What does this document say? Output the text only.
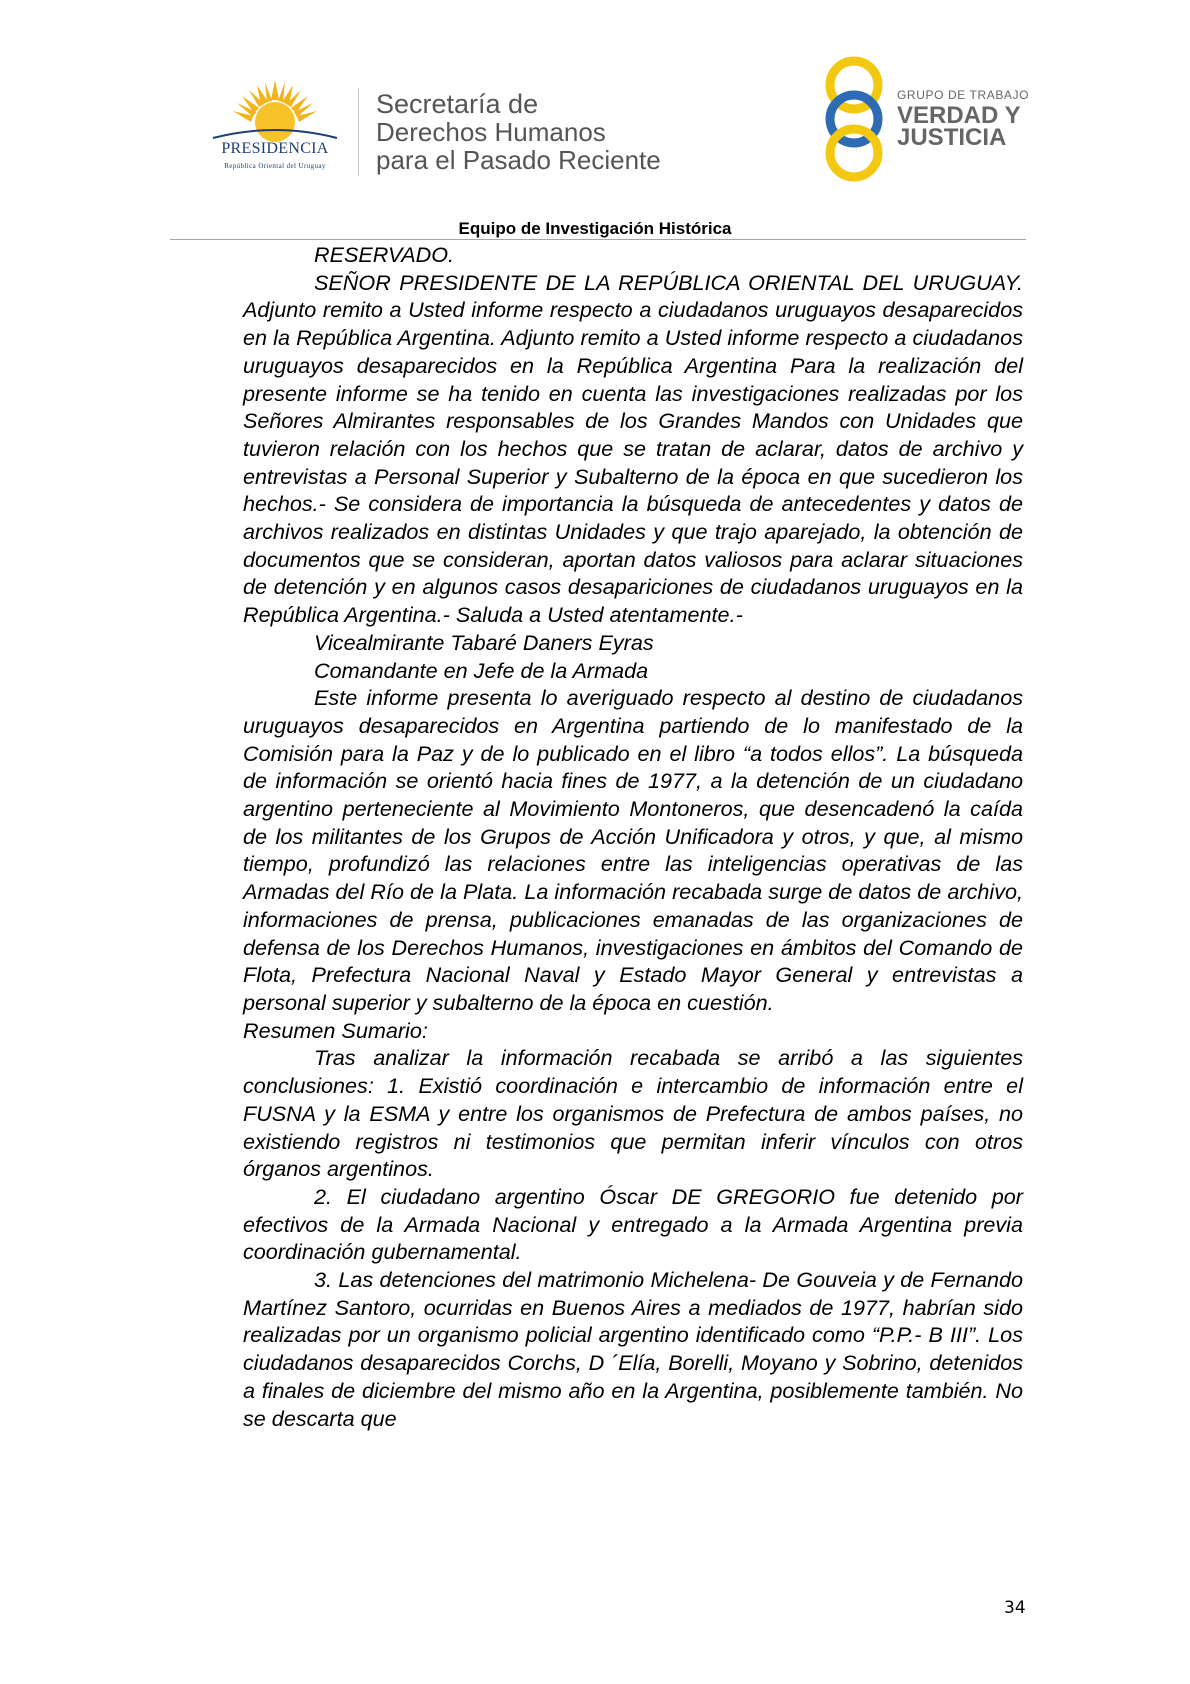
PRESIDENCIA
República Oriental del Uruguay
Secretaría de
Derechos Humanos
para el Pasado Reciente
GRUPO DE TRABAJO
VERDAD Y
JUSTICIA
Equipo de Investigación Histórica

RESERVADO.

SEÑOR PRESIDENTE DE LA REPÚBLICA ORIENTAL DEL URUGUAY. Adjunto remito a Usted informe respecto a ciudadanos uruguayos desaparecidos en la República Argentina. Adjunto remito a Usted informe respecto a ciudadanos uruguayos desaparecidos en la República Argentina Para la realización del presente informe se ha tenido en cuenta las investigaciones realizadas por los Señores Almirantes responsables de los Grandes Mandos con Unidades que tuvieron relación con los hechos que se tratan de aclarar, datos de archivo y entrevistas a Personal Superior y Subalterno de la época en que sucedieron los hechos.- Se considera de importancia la búsqueda de antecedentes y datos de archivos realizados en distintas Unidades y que trajo aparejado, la obtención de documentos que se consideran, aportan datos valiosos para aclarar situaciones de detención y en algunos casos desapariciones de ciudadanos uruguayos en la República Argentina.- Saluda a Usted atentamente.-

Vicealmirante Tabaré Daners Eyras

Comandante en Jefe de la Armada

Este informe presenta lo averiguado respecto al destino de ciudadanos uruguayos desaparecidos en Argentina partiendo de lo manifestado de la Comisión para la Paz y de lo publicado en el libro “a todos ellos”. La búsqueda de información se orientó hacia fines de 1977, a la detención de un ciudadano argentino perteneciente al Movimiento Montoneros, que desencadenó la caída de los militantes de los Grupos de Acción Unificadora y otros, y que, al mismo tiempo, profundizó las relaciones entre las inteligencias operativas de las Armadas del Río de la Plata. La información recabada surge de datos de archivo, informaciones de prensa, publicaciones emanadas de las organizaciones de defensa de los Derechos Humanos, investigaciones en ámbitos del Comando de Flota, Prefectura Nacional Naval y Estado Mayor General y entrevistas a personal superior y subalterno de la época en cuestión.

Resumen Sumario:

Tras analizar la información recabada se arribó a las siguientes conclusiones: 1. Existió coordinación e intercambio de información entre el FUSNA y la ESMA y entre los organismos de Prefectura de ambos países, no existiendo registros ni testimonios que permitan inferir vínculos con otros órganos argentinos.

2. El ciudadano argentino Óscar DE GREGORIO fue detenido por efectivos de la Armada Nacional y entregado a la Armada Argentina previa coordinación gubernamental.

3. Las detenciones del matrimonio Michelena- De Gouveia y de Fernando Martínez Santoro, ocurridas en Buenos Aires a mediados de 1977, habrían sido realizadas por un organismo policial argentino identificado como “P.P.- B III”. Los ciudadanos desaparecidos Corchs, D ´Elía, Borelli, Moyano y Sobrino, detenidos a finales de diciembre del mismo año en la Argentina, posiblemente también. No se descarta que

34
